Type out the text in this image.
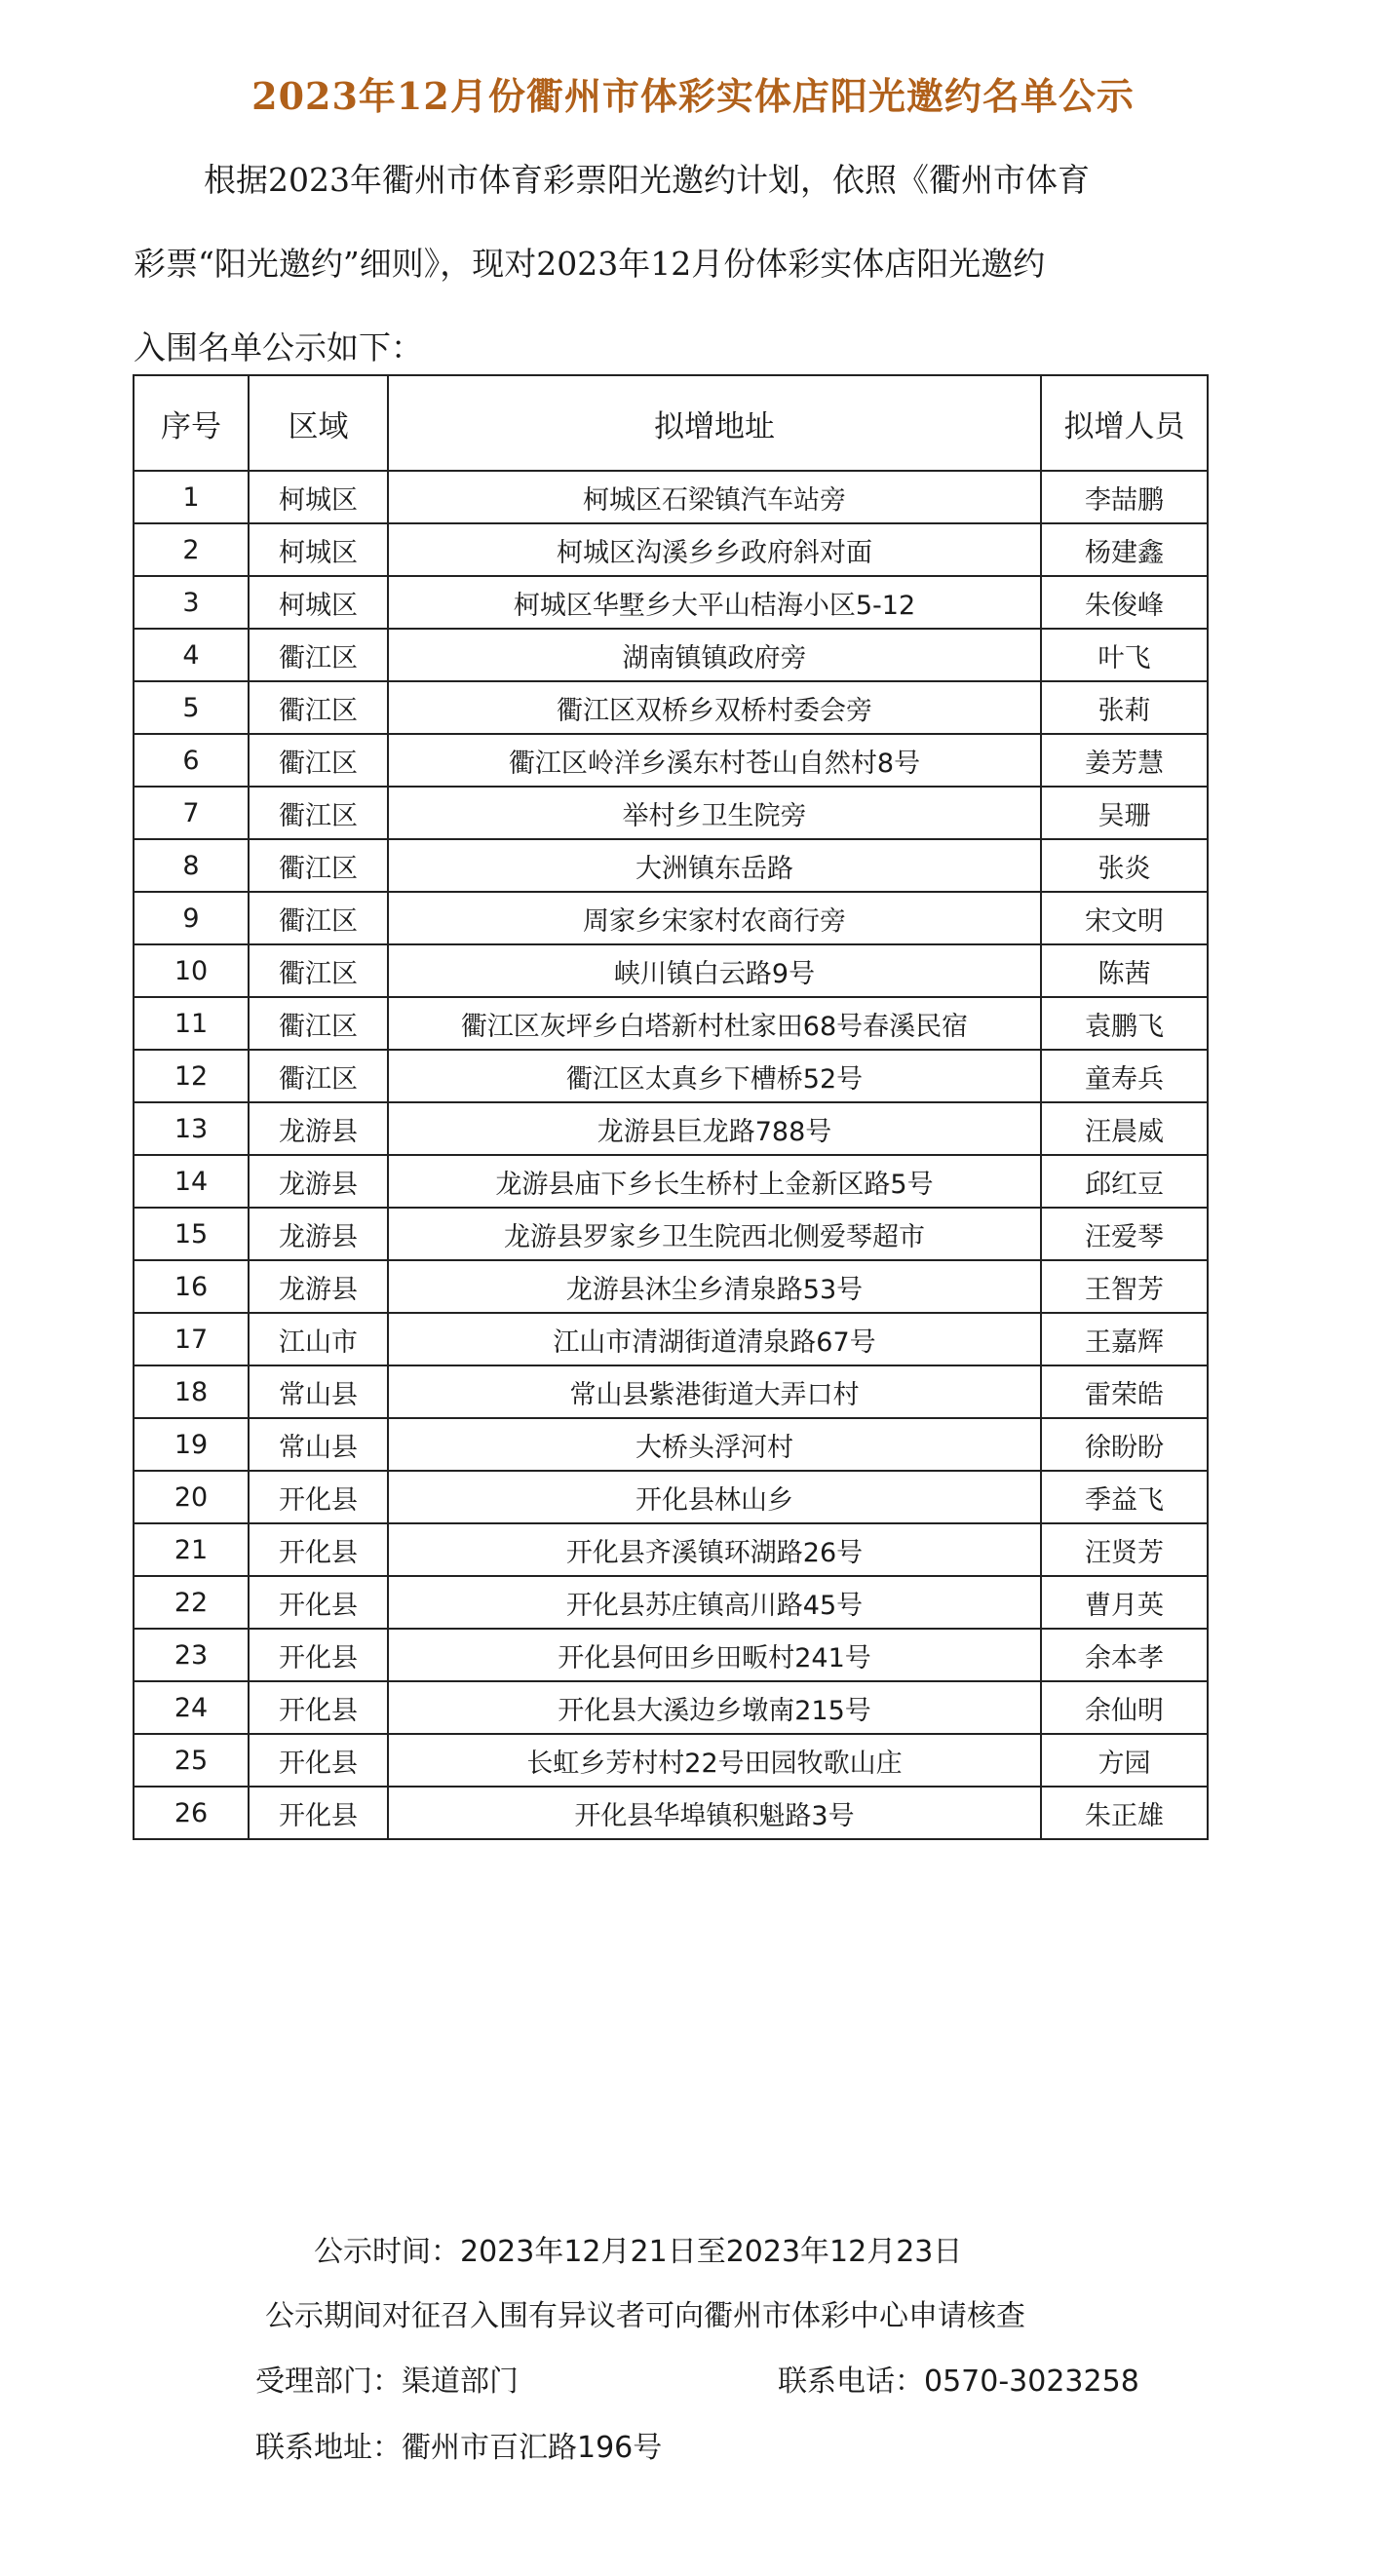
2023年12月份衢州市体彩实体店阳光邀约名单公示
根据2023年衢州市体育彩票阳光邀约计划，依照《衢州市体育
彩票“阳光邀约”细则》，现对2023年12月份体彩实体店阳光邀约
入围名单公示如下：
序号	区域	拟增地址	拟增人员
1	柯城区	柯城区石梁镇汽车站旁	李喆鹏
2	柯城区	柯城区沟溪乡乡政府斜对面	杨建鑫
3	柯城区	柯城区华墅乡大平山桔海小区5-12	朱俊峰
4	衢江区	湖南镇镇政府旁	叶飞
5	衢江区	衢江区双桥乡双桥村委会旁	张莉
6	衢江区	衢江区岭洋乡溪东村苍山自然村8号	姜芳慧
7	衢江区	举村乡卫生院旁	吴珊
8	衢江区	大洲镇东岳路	张炎
9	衢江区	周家乡宋家村农商行旁	宋文明
10	衢江区	峡川镇白云路9号	陈茜
11	衢江区	衢江区灰坪乡白塔新村杜家田68号春溪民宿	袁鹏飞
12	衢江区	衢江区太真乡下槽桥52号	童寿兵
13	龙游县	龙游县巨龙路788号	汪晨威
14	龙游县	龙游县庙下乡长生桥村上金新区路5号	邱红豆
15	龙游县	龙游县罗家乡卫生院西北侧爱琴超市	汪爱琴
16	龙游县	龙游县沐尘乡清泉路53号	王智芳
17	江山市	江山市清湖街道清泉路67号	王嘉辉
18	常山县	常山县紫港街道大弄口村	雷荣皓
19	常山县	大桥头浮河村	徐盼盼
20	开化县	开化县林山乡	季益飞
21	开化县	开化县齐溪镇环湖路26号	汪贤芳
22	开化县	开化县苏庄镇高川路45号	曹月英
23	开化县	开化县何田乡田畈村241号	余本孝
24	开化县	开化县大溪边乡墩南215号	余仙明
25	开化县	长虹乡芳村村22号田园牧歌山庄	方园
26	开化县	开化县华埠镇积魁路3号	朱正雄
公示时间：2023年12月21日至2023年12月23日
公示期间对征召入围有异议者可向衢州市体彩中心申请核查
受理部门：渠道部门	联系电话：0570-3023258
联系地址：衢州市百汇路196号
